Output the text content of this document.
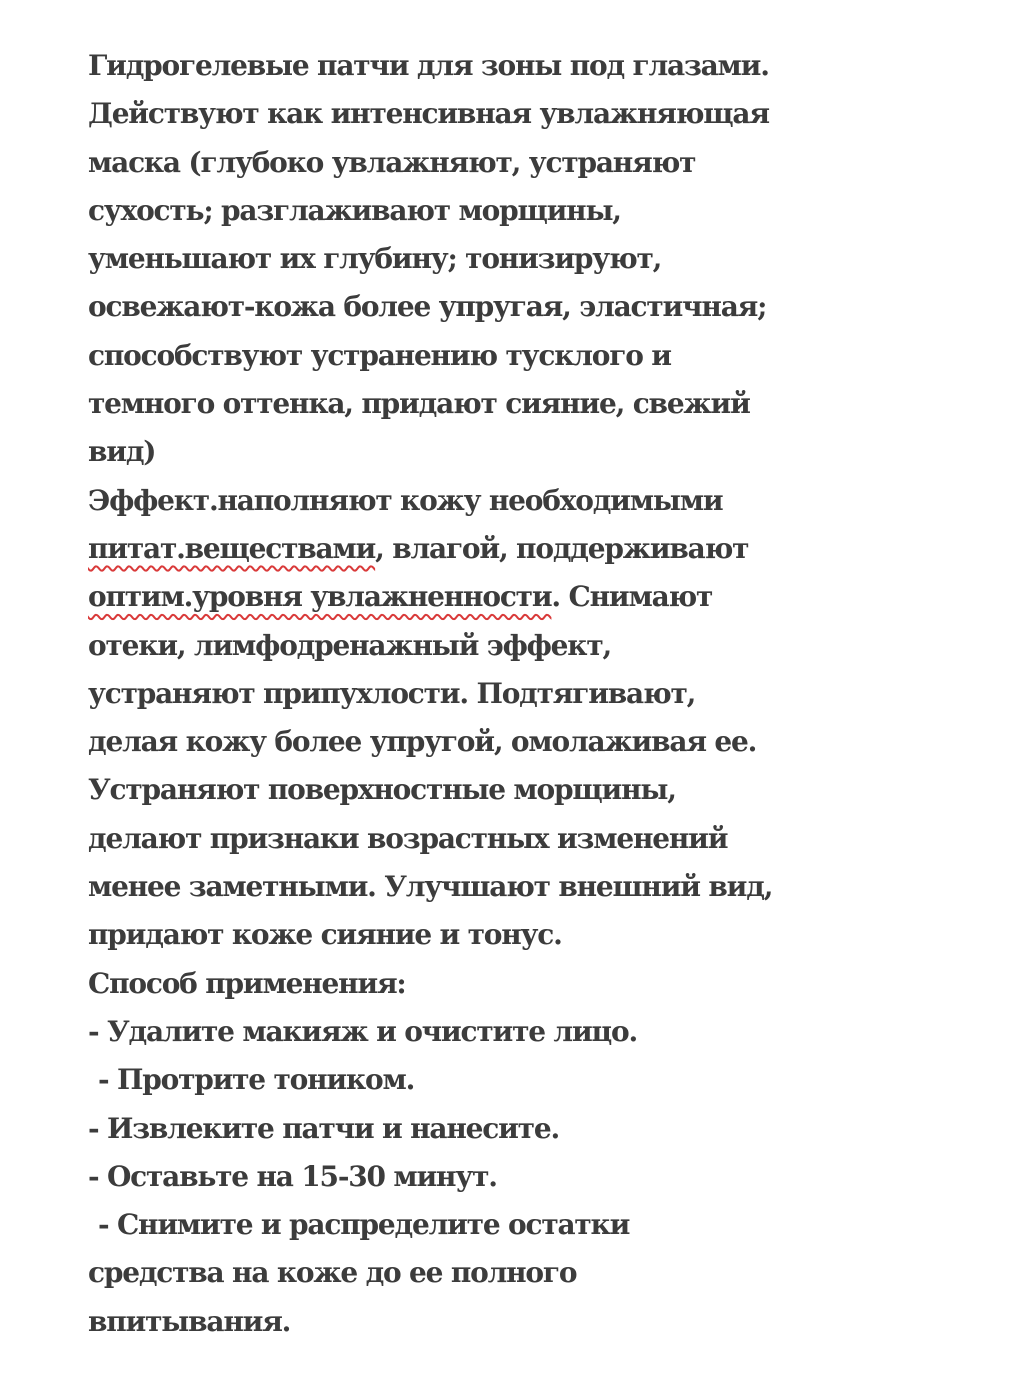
Гидрогелевые патчи для зоны под глазами.
Действуют как интенсивная увлажняющая
маска (глубоко увлажняют, устраняют
сухость; разглаживают морщины,
уменьшают их глубину; тонизируют,
освежают-кожа более упругая, эластичная;
способствуют устранению тусклого и
темного оттенка, придают сияние, свежий
вид)
Эффект.наполняют кожу необходимыми
питат.веществами, влагой, поддерживают
оптим.уровня увлажненности. Снимают
отеки, лимфодренажный эффект,
устраняют припухлости. Подтягивают,
делая кожу более упругой, омолаживая ее.
Устраняют поверхностные морщины,
делают признаки возрастных изменений
менее заметными. Улучшают внешний вид,
придают коже сияние и тонус.
Способ применения:
- Удалите макияж и очистите лицо.
- Протрите тоником.
- Извлеките патчи и нанесите.
- Оставьте на 15-30 минут.
- Снимите и распределите остатки
средства на коже до ее полного
впитывания.
